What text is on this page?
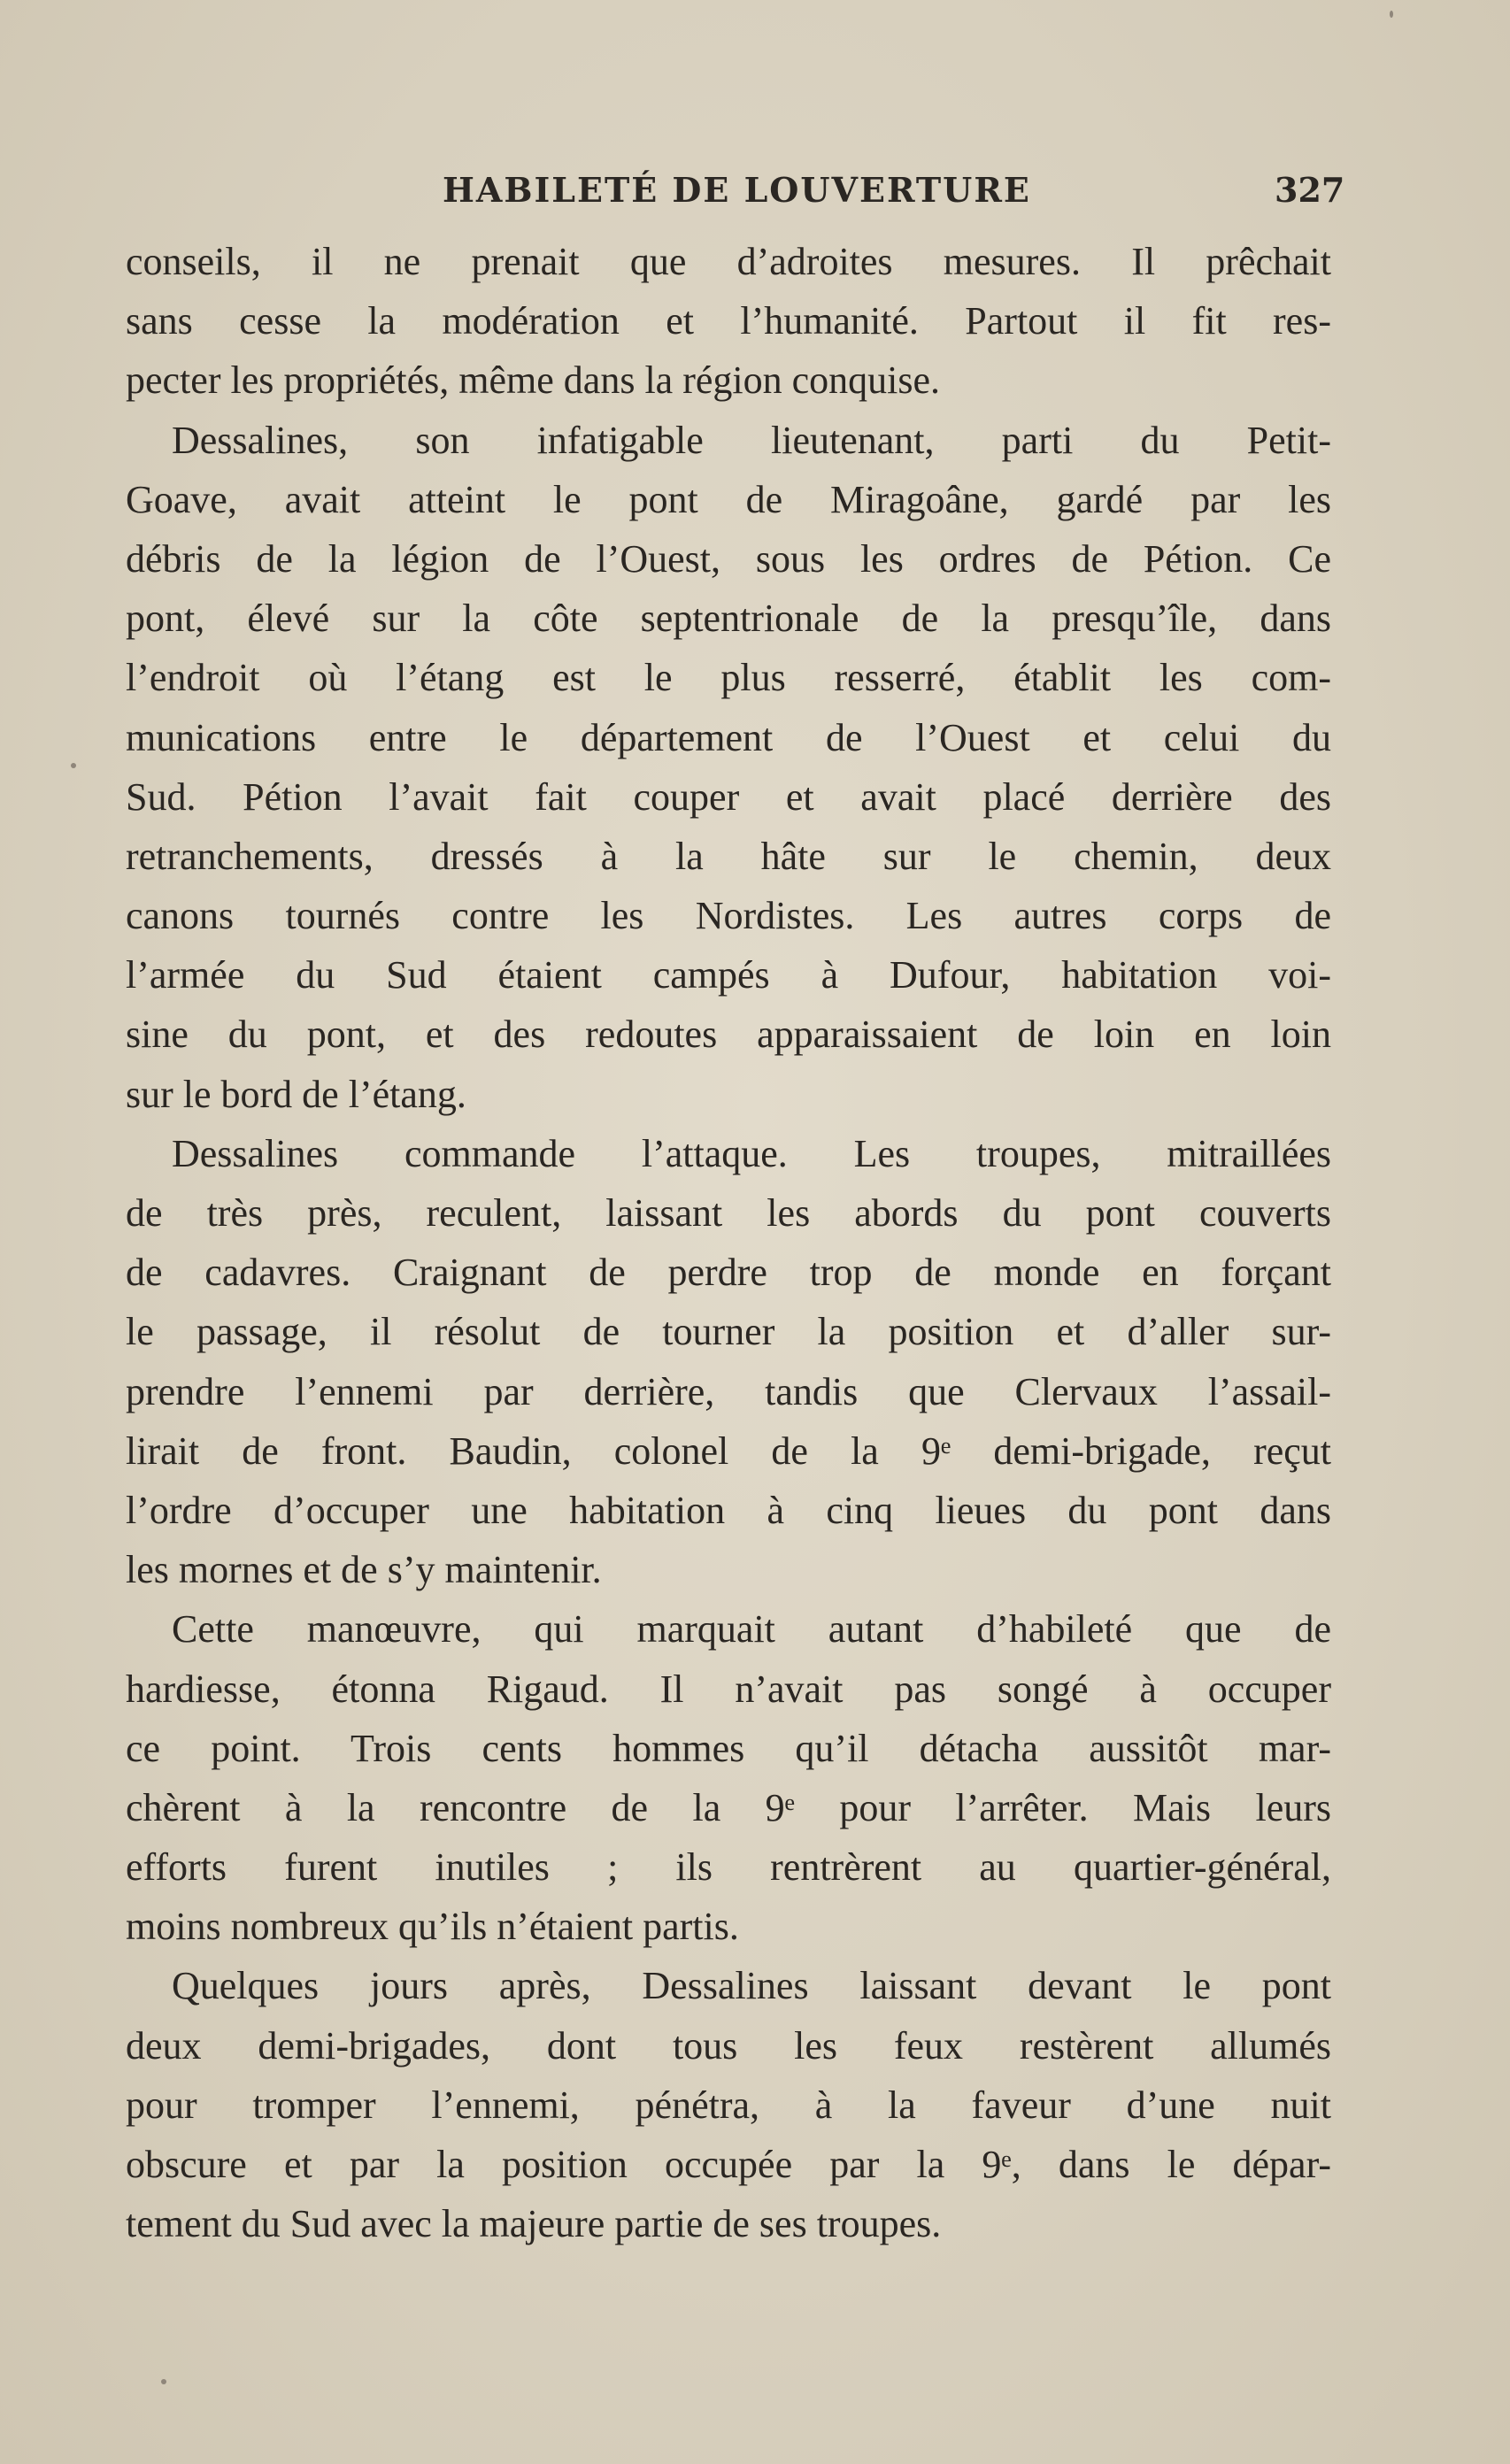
HABILETÉ DE LOUVERTURE	327
conseils, il ne prenait que d’adroites mesures. Il prêchait
sans cesse la modération et l’humanité. Partout il fit res-
pecter les propriétés, même dans la région conquise.
Dessalines, son infatigable lieutenant, parti du Petit-
Goave, avait atteint le pont de Miragoâne, gardé par les
débris de la légion de l’Ouest, sous les ordres de Pétion. Ce
pont, élevé sur la côte septentrionale de la presqu’île, dans
l’endroit où l’étang est le plus resserré, établit les com-
munications entre le département de l’Ouest et celui du
Sud. Pétion l’avait fait couper et avait placé derrière des
retranchements, dressés à la hâte sur le chemin, deux
canons tournés contre les Nordistes. Les autres corps de
l’armée du Sud étaient campés à Dufour, habitation voi-
sine du pont, et des redoutes apparaissaient de loin en loin
sur le bord de l’étang.
Dessalines commande l’attaque. Les troupes, mitraillées
de très près, reculent, laissant les abords du pont couverts
de cadavres. Craignant de perdre trop de monde en forçant
le passage, il résolut de tourner la position et d’aller sur-
prendre l’ennemi par derrière, tandis que Clervaux l’assail-
lirait de front. Baudin, colonel de la 9ᵉ demi-brigade, reçut
l’ordre d’occuper une habitation à cinq lieues du pont dans
les mornes et de s’y maintenir.
Cette manœuvre, qui marquait autant d’habileté que de
hardiesse, étonna Rigaud. Il n’avait pas songé à occuper
ce point. Trois cents hommes qu’il détacha aussitôt mar-
chèrent à la rencontre de la 9ᵉ pour l’arrêter. Mais leurs
efforts furent inutiles ; ils rentrèrent au quartier-général,
moins nombreux qu’ils n’étaient partis.
Quelques jours après, Dessalines laissant devant le pont
deux demi-brigades, dont tous les feux restèrent allumés
pour tromper l’ennemi, pénétra, à la faveur d’une nuit
obscure et par la position occupée par la 9ᵉ, dans le dépar-
tement du Sud avec la majeure partie de ses troupes.
